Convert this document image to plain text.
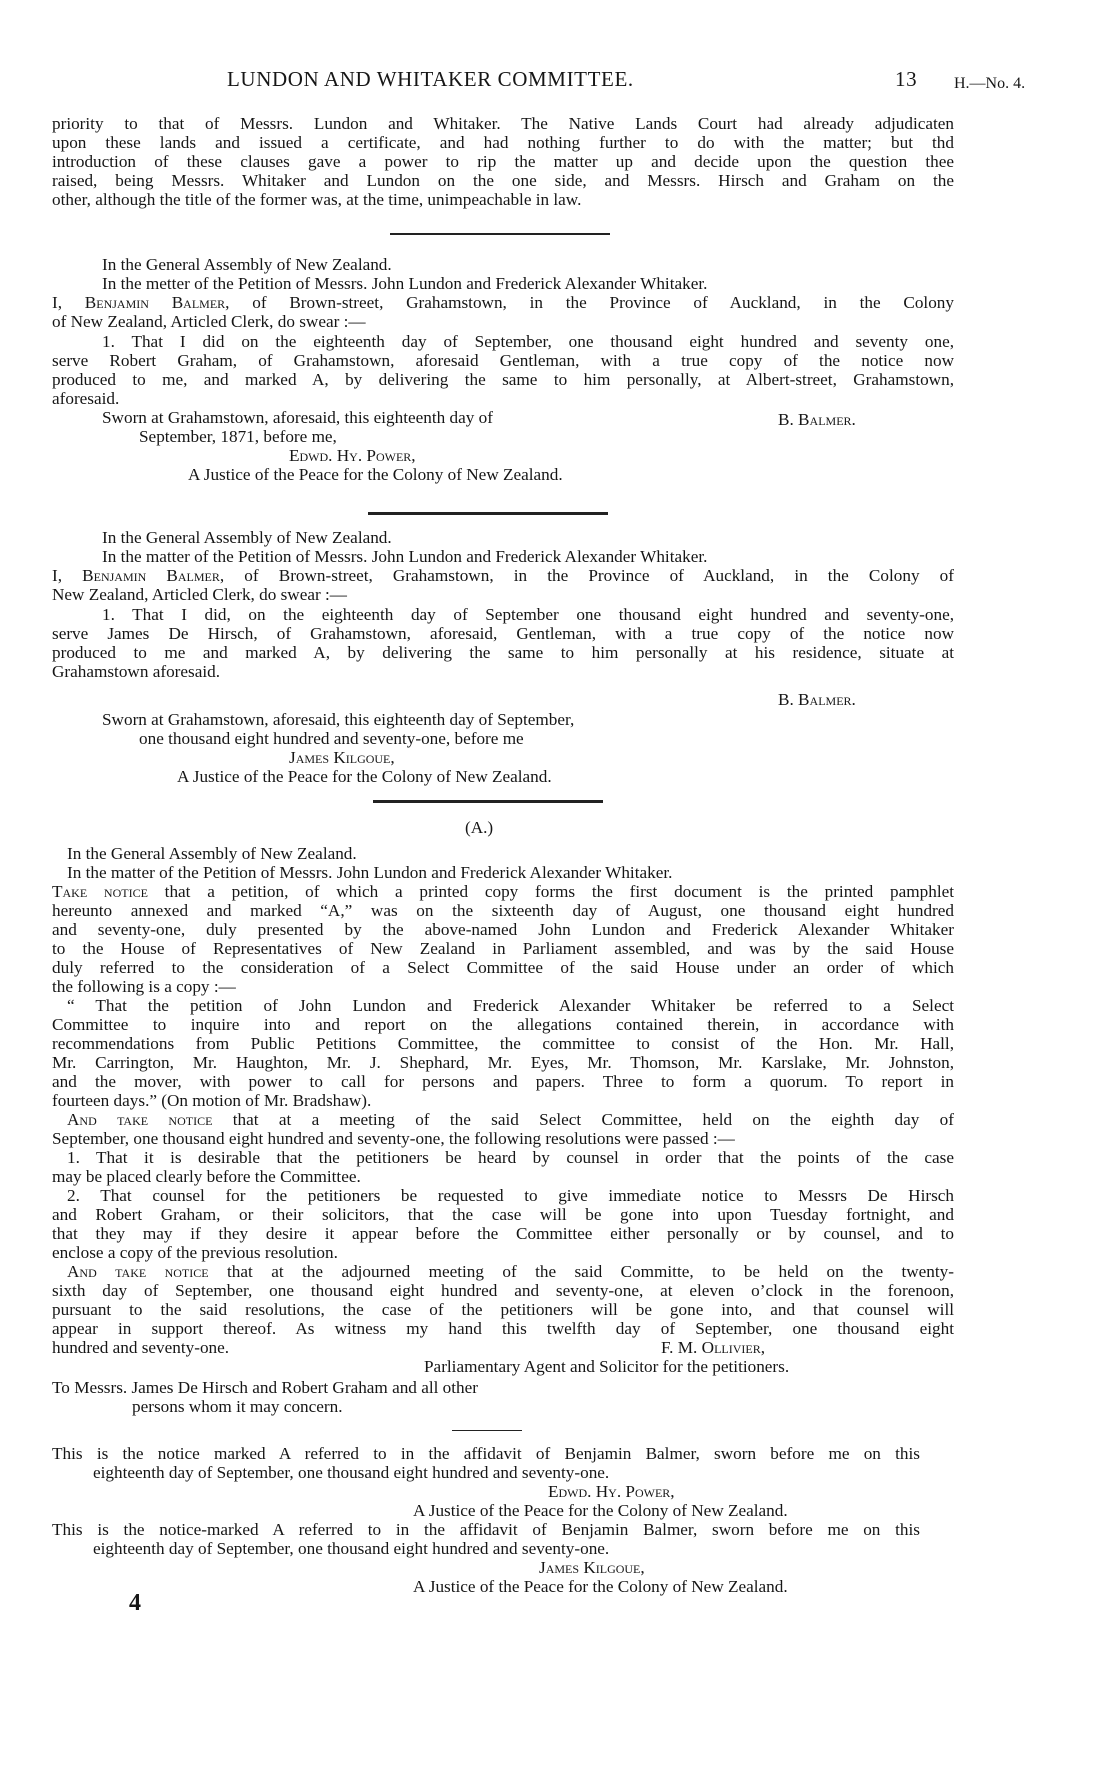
LUNDON AND WHITAKER COMMITTEE.	13 H.—No. 4.
priority to that of Messrs. Lundon and Whitaker. The Native Lands Court had already adjudicaten
upon these lands and issued a certificate, and had nothing further to do with the matter; but thd
introduction of these clauses gave a power to rip the matter up and decide upon the question thee
raised, being Messrs. Whitaker and Lundon on the one side, and Messrs. Hirsch and Graham on the
other, although the title of the former was, at the time, unimpeachable in law.
In the General Assembly of New Zealand.
In the metter of the Petition of Messrs. John Lundon and Frederick Alexander Whitaker.
I, Benjamin Balmer, of Brown-street, Grahamstown, in the Province of Auckland, in the Colony
of New Zealand, Articled Clerk, do swear :—
1. That I did on the eighteenth day of September, one thousand eight hundred and seventy one,
serve Robert Graham, of Grahamstown, aforesaid Gentleman, with a true copy of the notice now
produced to me, and marked A, by delivering the same to him personally, at Albert-street, Grahamstown,
aforesaid.
Sworn at Grahamstown, aforesaid, this eighteenth day of	B. Balmer.
September, 1871, before me,
Edwd. Hy. Power,
A Justice of the Peace for the Colony of New Zealand.
In the General Assembly of New Zealand.
In the matter of the Petition of Messrs. John Lundon and Frederick Alexander Whitaker.
I, Benjamin Balmer, of Brown-street, Grahamstown, in the Province of Auckland, in the Colony of
New Zealand, Articled Clerk, do swear :—
1. That I did, on the eighteenth day of September one thousand eight hundred and seventy-one,
serve James De Hirsch, of Grahamstown, aforesaid, Gentleman, with a true copy of the notice now
produced to me and marked A, by delivering the same to him personally at his residence, situate at
Grahamstown aforesaid.
B. Balmer.
Sworn at Grahamstown, aforesaid, this eighteenth day of September,
one thousand eight hundred and seventy-one, before me
James Kilgoue,
A Justice of the Peace for the Colony of New Zealand.
(A.)
In the General Assembly of New Zealand.
In the matter of the Petition of Messrs. John Lundon and Frederick Alexander Whitaker.
Take notice that a petition, of which a printed copy forms the first document is the printed pamphlet
hereunto annexed and marked “A,” was on the sixteenth day of August, one thousand eight hundred
and seventy-one, duly presented by the above-named John Lundon and Frederick Alexander Whitaker
to the House of Representatives of New Zealand in Parliament assembled, and was by the said House
duly referred to the consideration of a Select Committee of the said House under an order of which
the following is a copy :—
“ That the petition of John Lundon and Frederick Alexander Whitaker be referred to a Select
Committee to inquire into and report on the allegations contained therein, in accordance with
recommendations from Public Petitions Committee, the committee to consist of the Hon. Mr. Hall,
Mr. Carrington, Mr. Haughton, Mr. J. Shephard, Mr. Eyes, Mr. Thomson, Mr. Karslake, Mr. Johnston,
and the mover, with power to call for persons and papers. Three to form a quorum. To report in
fourteen days.” (On motion of Mr. Bradshaw).
And take notice that at a meeting of the said Select Committee, held on the eighth day of
September, one thousand eight hundred and seventy-one, the following resolutions were passed :—
1. That it is desirable that the petitioners be heard by counsel in order that the points of the case
may be placed clearly before the Committee.
2. That counsel for the petitioners be requested to give immediate notice to Messrs De Hirsch
and Robert Graham, or their solicitors, that the case will be gone into upon Tuesday fortnight, and
that they may if they desire it appear before the Committee either personally or by counsel, and to
enclose a copy of the previous resolution.
And take notice that at the adjourned meeting of the said Committe, to be held on the twenty-
sixth day of September, one thousand eight hundred and seventy-one, at eleven o’clock in the forenoon,
pursuant to the said resolutions, the case of the petitioners will be gone into, and that counsel will
appear in support thereof. As witness my hand this twelfth day of September, one thousand eight
hundred and seventy-one.	F. M. Ollivier,
Parliamentary Agent and Solicitor for the petitioners.
To Messrs. James De Hirsch and Robert Graham and all other
persons whom it may concern.
This is the notice marked A referred to in the affidavit of Benjamin Balmer, sworn before me on this
eighteenth day of September, one thousand eight hundred and seventy-one.
Edwd. Hy. Power,
A Justice of the Peace for the Colony of New Zealand.
This is the notice-marked A referred to in the affidavit of Benjamin Balmer, sworn before me on this
eighteenth day of September, one thousand eight hundred and seventy-one.
James Kilgoue,
A Justice of the Peace for the Colony of New Zealand.
4
